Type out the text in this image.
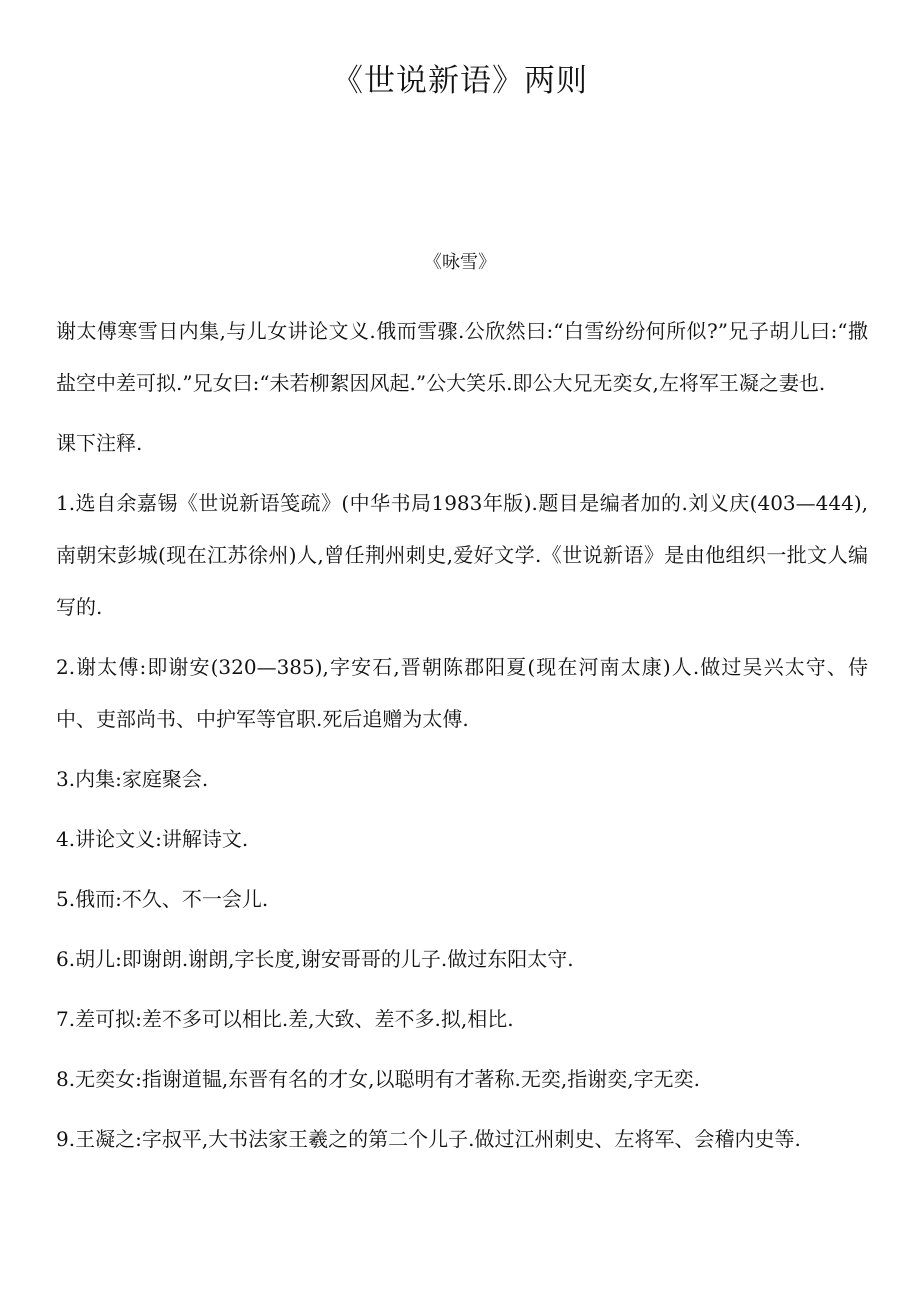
《世说新语》两则
《咏雪》

谢太傅寒雪日内集,与儿女讲论文义.俄而雪骤.公欣然曰:“白雪纷纷何所似?”兄子胡儿曰:“撒盐空中差可拟.”兄女曰:“未若柳絮因风起.”公大笑乐.即公大兄无奕女,左将军王凝之妻也.

课下注释.

1.选自余嘉锡《世说新语笺疏》(中华书局1983年版).题目是编者加的.刘义庆(403—444),南朝宋彭城(现在江苏徐州)人,曾任荆州刺史,爱好文学.《世说新语》是由他组织一批文人编写的.

2.谢太傅:即谢安(320—385),字安石,晋朝陈郡阳夏(现在河南太康)人.做过吴兴太守、侍中、吏部尚书、中护军等官职.死后追赠为太傅.

3.内集:家庭聚会.

4.讲论文义:讲解诗文.

5.俄而:不久、不一会儿.

6.胡儿:即谢朗.谢朗,字长度,谢安哥哥的儿子.做过东阳太守.

7.差可拟:差不多可以相比.差,大致、差不多.拟,相比.

8.无奕女:指谢道韫,东晋有名的才女,以聪明有才著称.无奕,指谢奕,字无奕.

9.王凝之:字叔平,大书法家王羲之的第二个儿子.做过江州刺史、左将军、会稽内史等.
